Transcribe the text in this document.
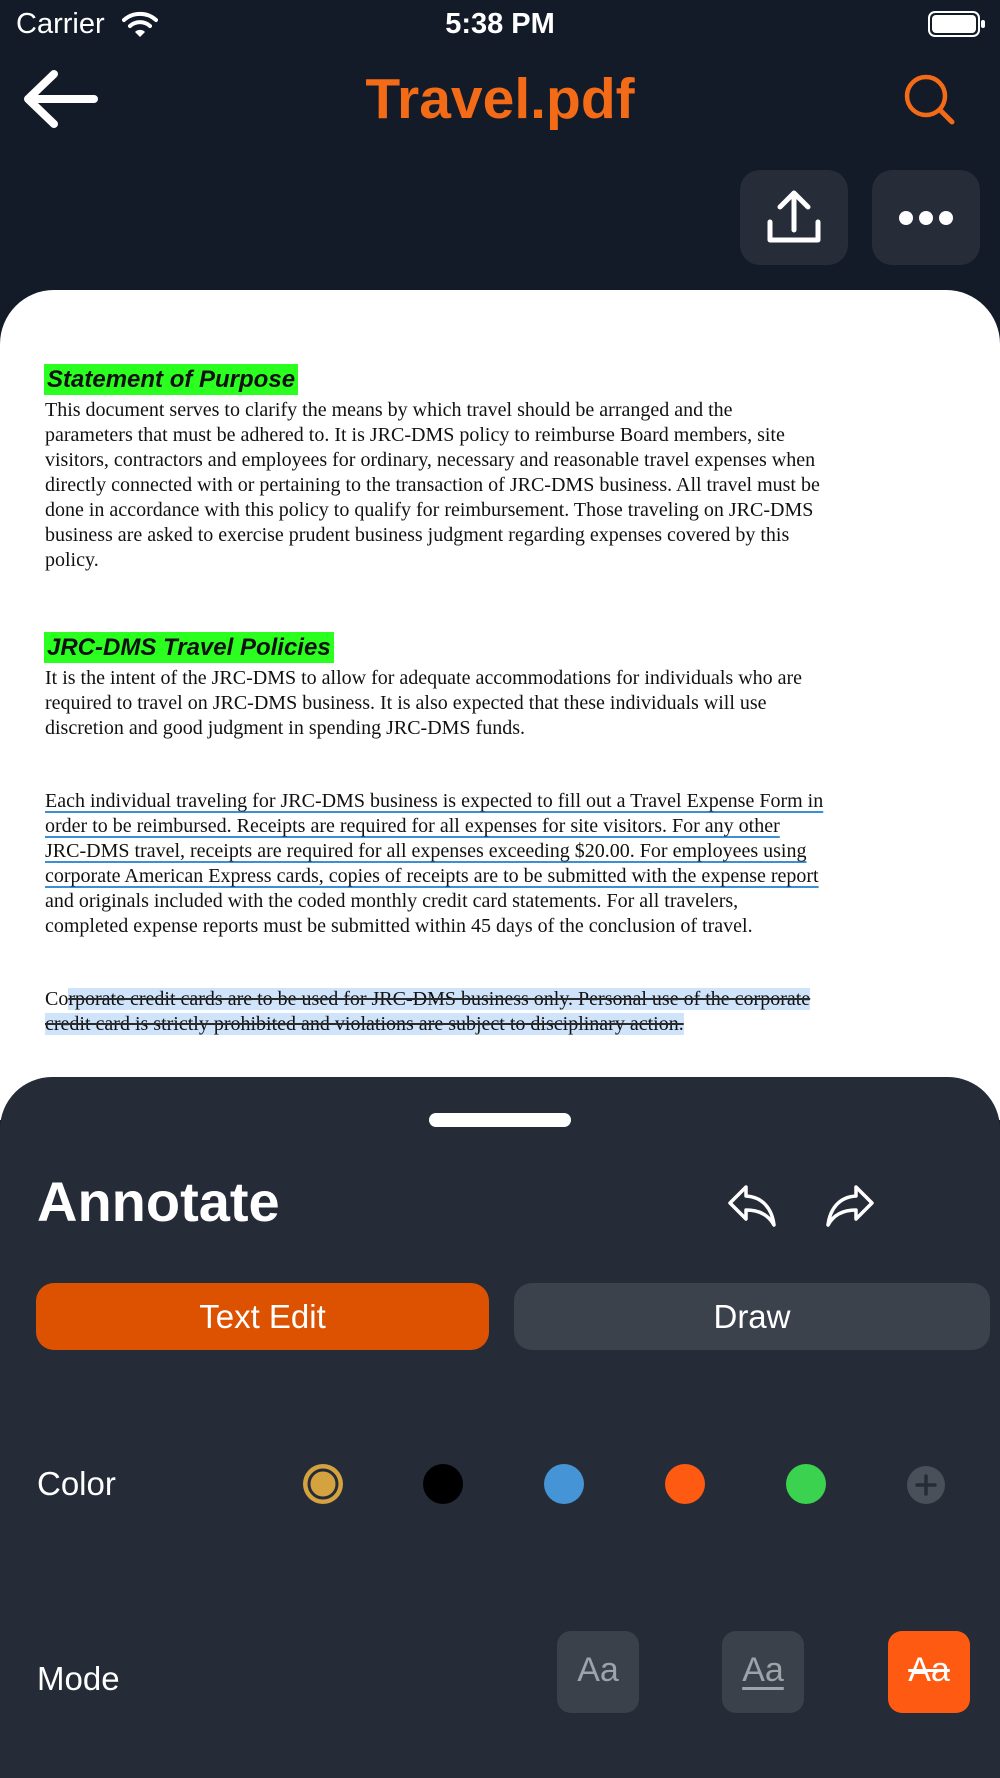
Carrier	5:38 PM
Travel.pdf
Statement of Purpose
This document serves to clarify the means by which travel should be arranged and the
parameters that must be adhered to. It is JRC-DMS policy to reimburse Board members, site
visitors, contractors and employees for ordinary, necessary and reasonable travel expenses when
directly connected with or pertaining to the transaction of JRC-DMS business. All travel must be
done in accordance with this policy to qualify for reimbursement. Those traveling on JRC-DMS
business are asked to exercise prudent business judgment regarding expenses covered by this
policy.
JRC-DMS Travel Policies
It is the intent of the JRC-DMS to allow for adequate accommodations for individuals who are
required to travel on JRC-DMS business. It is also expected that these individuals will use
discretion and good judgment in spending JRC-DMS funds.
Each individual traveling for JRC-DMS business is expected to fill out a Travel Expense Form in
order to be reimbursed. Receipts are required for all expenses for site visitors. For any other
JRC-DMS travel, receipts are required for all expenses exceeding $20.00. For employees using
corporate American Express cards, copies of receipts are to be submitted with the expense report
and originals included with the coded monthly credit card statements. For all travelers,
completed expense reports must be submitted within 45 days of the conclusion of travel.
Corporate credit cards are to be used for JRC-DMS business only. Personal use of the corporate
credit card is strictly prohibited and violations are subject to disciplinary action.
Annotate
Text Edit	Draw
Color
Mode	Aa	Aa	Aa
